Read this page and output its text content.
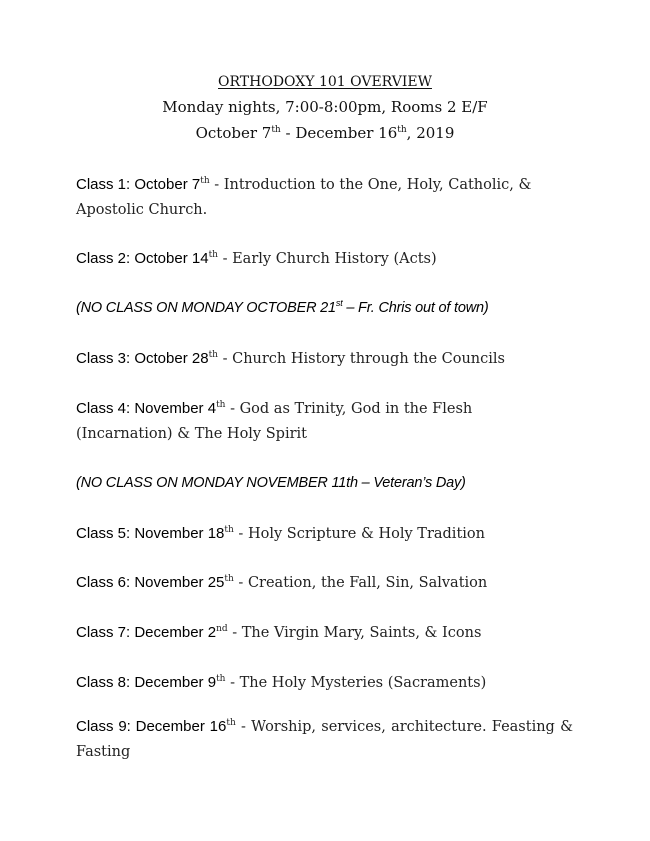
ORTHODOXY 101 OVERVIEW
Monday nights, 7:00-8:00pm, Rooms 2 E/F
October 7th - December 16th, 2019
Class 1: October 7th - Introduction to the One, Holy, Catholic, & Apostolic Church.
Class 2: October 14th - Early Church History (Acts)
(NO CLASS ON MONDAY OCTOBER 21st – Fr. Chris out of town)
Class 3: October 28th - Church History through the Councils
Class 4: November 4th - God as Trinity, God in the Flesh (Incarnation) & The Holy Spirit
(NO CLASS ON MONDAY NOVEMBER 11th – Veteran’s Day)
Class 5: November 18th - Holy Scripture & Holy Tradition
Class 6: November 25th - Creation, the Fall, Sin, Salvation
Class 7: December 2nd - The Virgin Mary, Saints, & Icons
Class 8: December 9th - The Holy Mysteries (Sacraments)
Class 9: December 16th - Worship, services, architecture. Feasting & Fasting
